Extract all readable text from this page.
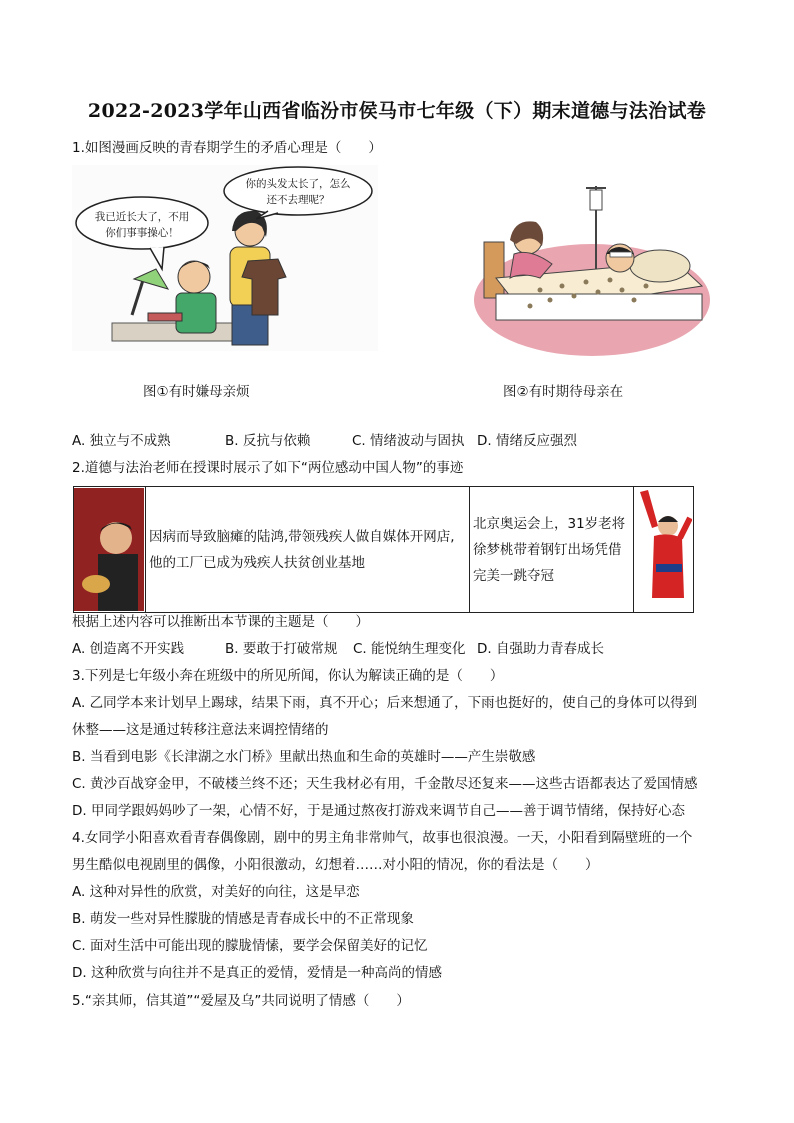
2022-2023学年山西省临汾市侯马市七年级（下）期末道德与法治试卷
1.如图漫画反映的青春期学生的矛盾心理是（　　）
我已近长大了，不用
你们事事操心！
你的头发太长了，怎么
还不去理呢？
图①有时嫌母亲烦	图②有时期待母亲在
A. 独立与不成熟	B. 反抗与依赖	C. 情绪波动与固执 D. 情绪反应强烈
2.道德与法治老师在授课时展示了如下“两位感动中国人物”的事迹

因病而导致脑瘫的陆鸿,带领残疾人做自媒体开网店,
他的工厂已成为残疾人扶贫创业基地

北京奥运会上，31岁老将
徐梦桃带着钢钉出场凭借
完美一跳夺冠

根据上述内容可以推断出本节课的主题是（　　）
A. 创造离不开实践	B. 要敢于打破常规 C. 能悦纳生理变化 D. 自强助力青春成长
3.下列是七年级小奔在班级中的所见所闻，你认为解读正确的是（　　）
A. 乙同学本来计划早上踢球，结果下雨，真不开心；后来想通了，下雨也挺好的，使自己的身体可以得到
休整——这是通过转移注意法来调控情绪的
B. 当看到电影《长津湖之水门桥》里献出热血和生命的英雄时——产生崇敬感
C. 黄沙百战穿金甲，不破楼兰终不还；天生我材必有用，千金散尽还复来——这些古语都表达了爱国情感
D. 甲同学跟妈妈吵了一架，心情不好，于是通过熬夜打游戏来调节自己——善于调节情绪，保持好心态
4.女同学小阳喜欢看青春偶像剧，剧中的男主角非常帅气，故事也很浪漫。一天，小阳看到隔壁班的一个
男生酷似电视剧里的偶像，小阳很激动，幻想着……对小阳的情况，你的看法是（　　）
A. 这种对异性的欣赏，对美好的向往，这是早恋
B. 萌发一些对异性朦胧的情感是青春成长中的不正常现象
C. 面对生活中可能出现的朦胧情愫，要学会保留美好的记忆
D. 这种欣赏与向往并不是真正的爱情，爱情是一种高尚的情感
5.“亲其师，信其道”“爱屋及乌”共同说明了情感（　　）
